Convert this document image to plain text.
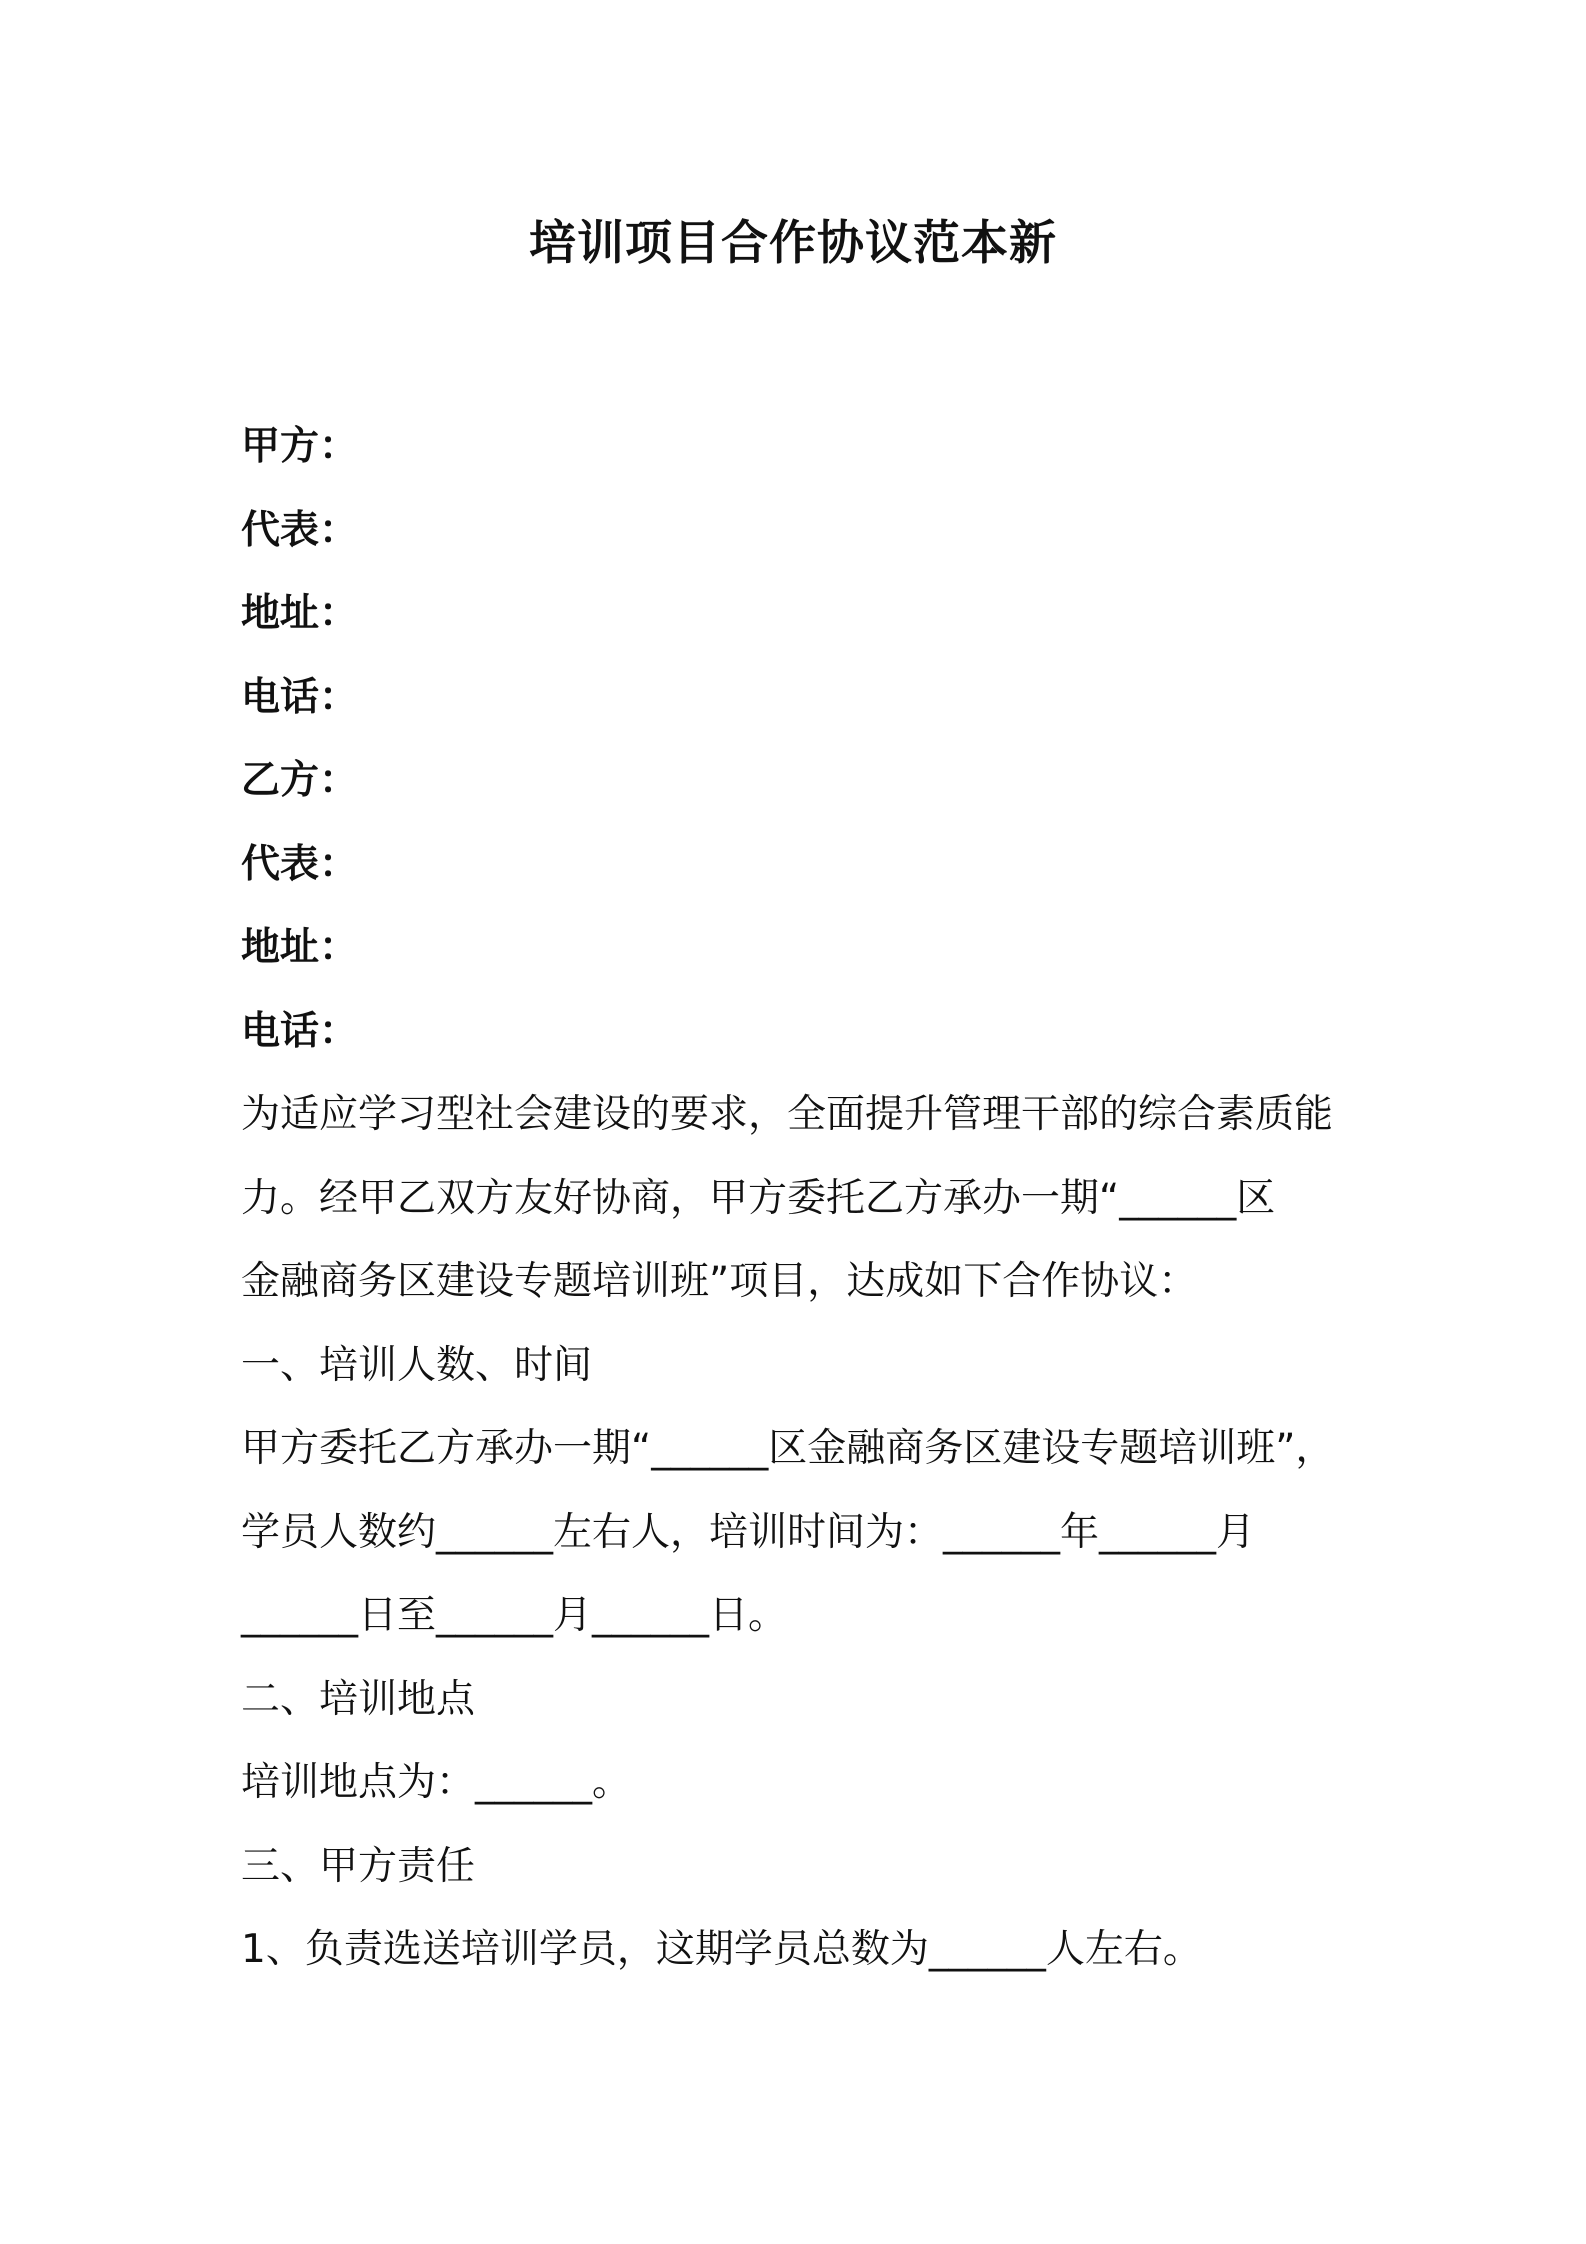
培训项目合作协议范本新
甲方：
代表：
地址：
电话：
乙方：
代表：
地址：
电话：
为适应学习型社会建设的要求，全面提升管理干部的综合素质能
力。经甲乙双方友好协商，甲方委托乙方承办一期“______区
金融商务区建设专题培训班”项目，达成如下合作协议：
一、培训人数、时间
甲方委托乙方承办一期“______区金融商务区建设专题培训班”，
学员人数约______左右人，培训时间为：______年______月
______日至______月______日。
二、培训地点
培训地点为：______。
三、甲方责任
1、负责选送培训学员，这期学员总数为______人左右。
